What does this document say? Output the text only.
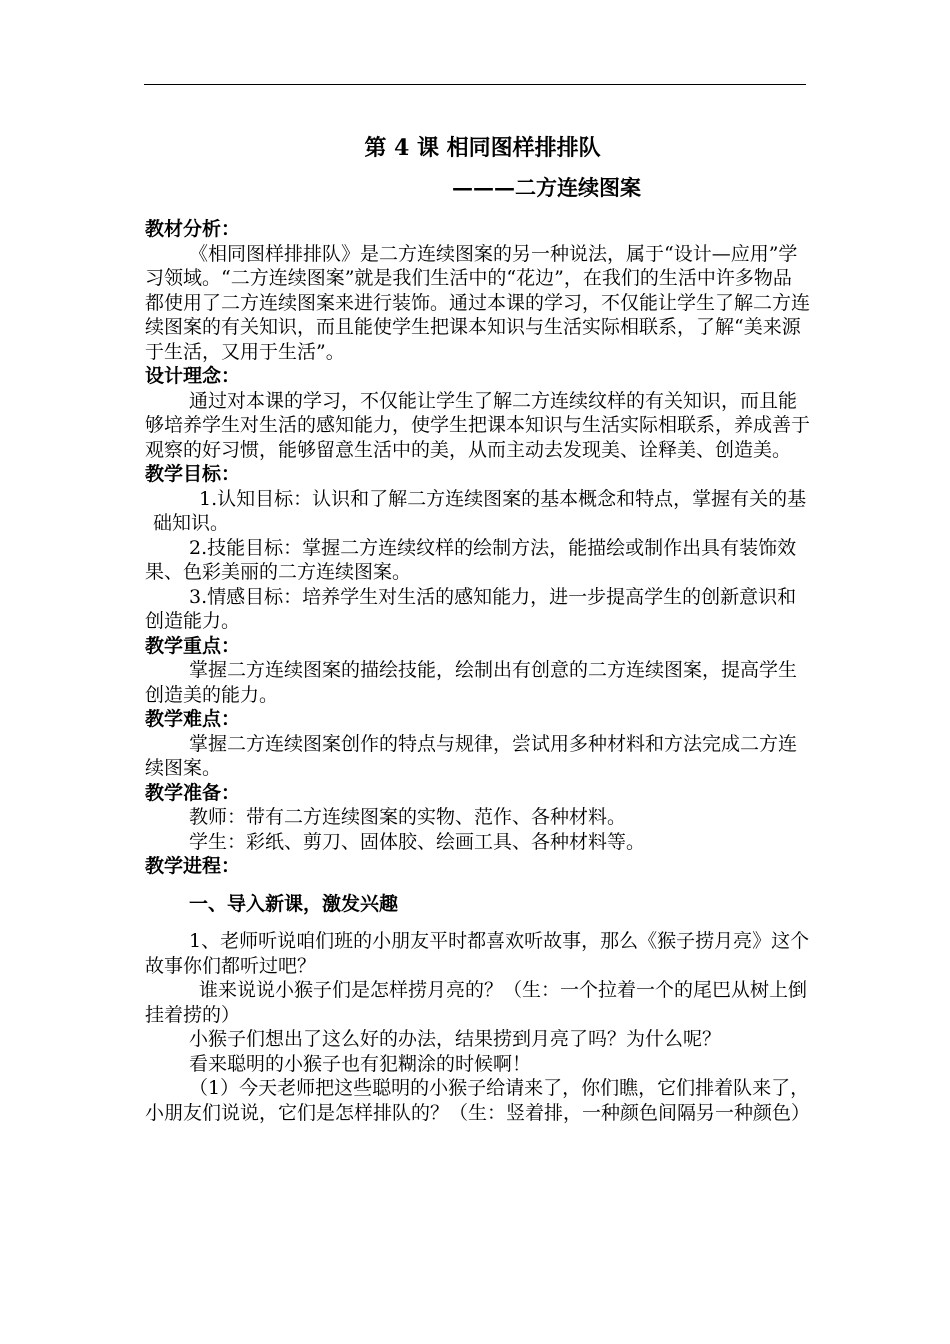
第 4 课 相同图样排排队
———二方连续图案

教材分析：

《相同图样排排队》是二方连续图案的另一种说法，属于“设计—应用”学习领域。“二方连续图案”就是我们生活中的“花边”，在我们的生活中许多物品都使用了二方连续图案来进行装饰。通过本课的学习，不仅能让学生了解二方连续图案的有关知识，而且能使学生把课本知识与生活实际相联系，了解“美来源于生活，又用于生活”。

设计理念：

通过对本课的学习，不仅能让学生了解二方连续纹样的有关知识，而且能够培养学生对生活的感知能力，使学生把课本知识与生活实际相联系，养成善于观察的好习惯，能够留意生活中的美，从而主动去发现美、诠释美、创造美。

教学目标：

1.认知目标：认识和了解二方连续图案的基本概念和特点，掌握有关的基础知识。

2.技能目标：掌握二方连续纹样的绘制方法，能描绘或制作出具有装饰效果、色彩美丽的二方连续图案。

3.情感目标：培养学生对生活的感知能力，进一步提高学生的创新意识和创造能力。

教学重点：

掌握二方连续图案的描绘技能，绘制出有创意的二方连续图案，提高学生创造美的能力。

教学难点：

掌握二方连续图案创作的特点与规律，尝试用多种材料和方法完成二方连续图案。

教学准备：

教师：带有二方连续图案的实物、范作、各种材料。

学生：彩纸、剪刀、固体胶、绘画工具、各种材料等。

教学进程：

一、导入新课，激发兴趣

1、老师听说咱们班的小朋友平时都喜欢听故事，那么《猴子捞月亮》这个故事你们都听过吧？

谁来说说小猴子们是怎样捞月亮的？（生：一个拉着一个的尾巴从树上倒挂着捞的）

小猴子们想出了这么好的办法，结果捞到月亮了吗？为什么呢？

看来聪明的小猴子也有犯糊涂的时候啊！

（1）今天老师把这些聪明的小猴子给请来了，你们瞧，它们排着队来了，小朋友们说说，它们是怎样排队的？（生：竖着排，一种颜色间隔另一种颜色）
